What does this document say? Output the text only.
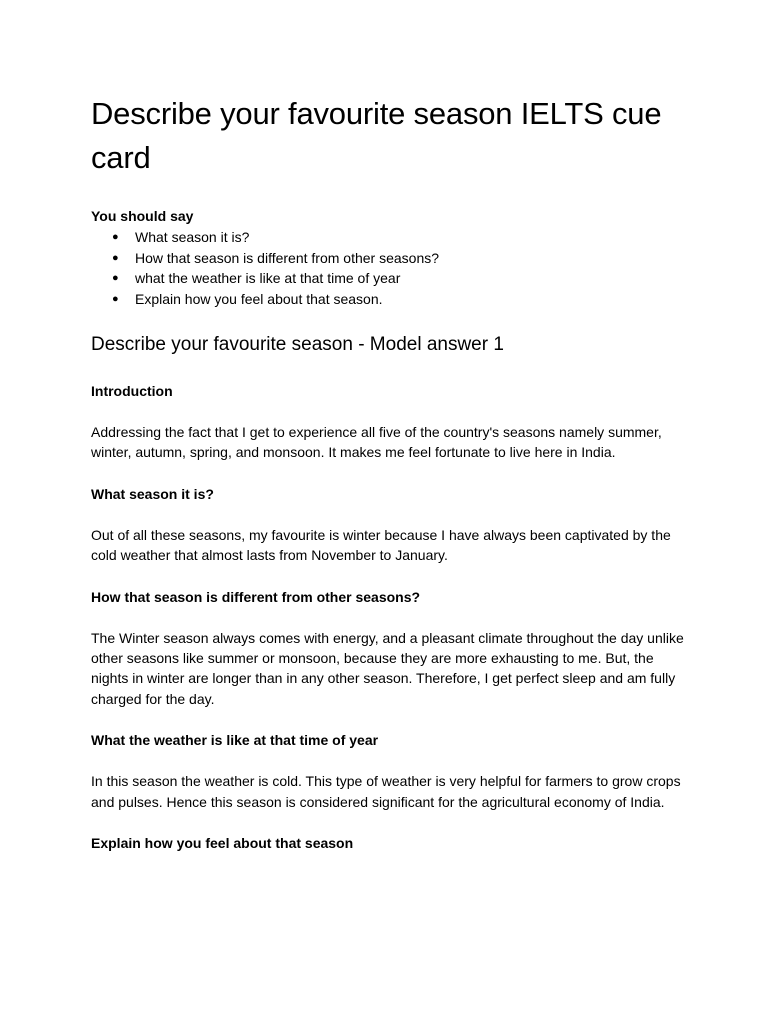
Describe your favourite season IELTS cue card

You should say

● What season it is?
● How that season is different from other seasons?
● what the weather is like at that time of year
● Explain how you feel about that season.
Describe your favourite season - Model answer 1

Introduction

Addressing the fact that I get to experience all five of the country's seasons namely summer, winter, autumn, spring, and monsoon. It makes me feel fortunate to live here in India.

What season it is?

Out of all these seasons, my favourite is winter because I have always been captivated by the cold weather that almost lasts from November to January.

How that season is different from other seasons?

The Winter season always comes with energy, and a pleasant climate throughout the day unlike other seasons like summer or monsoon, because they are more exhausting to me. But, the nights in winter are longer than in any other season. Therefore, I get perfect sleep and am fully charged for the day.

What the weather is like at that time of year

In this season the weather is cold. This type of weather is very helpful for farmers to grow crops and pulses. Hence this season is considered significant for the agricultural economy of India.

Explain how you feel about that season
